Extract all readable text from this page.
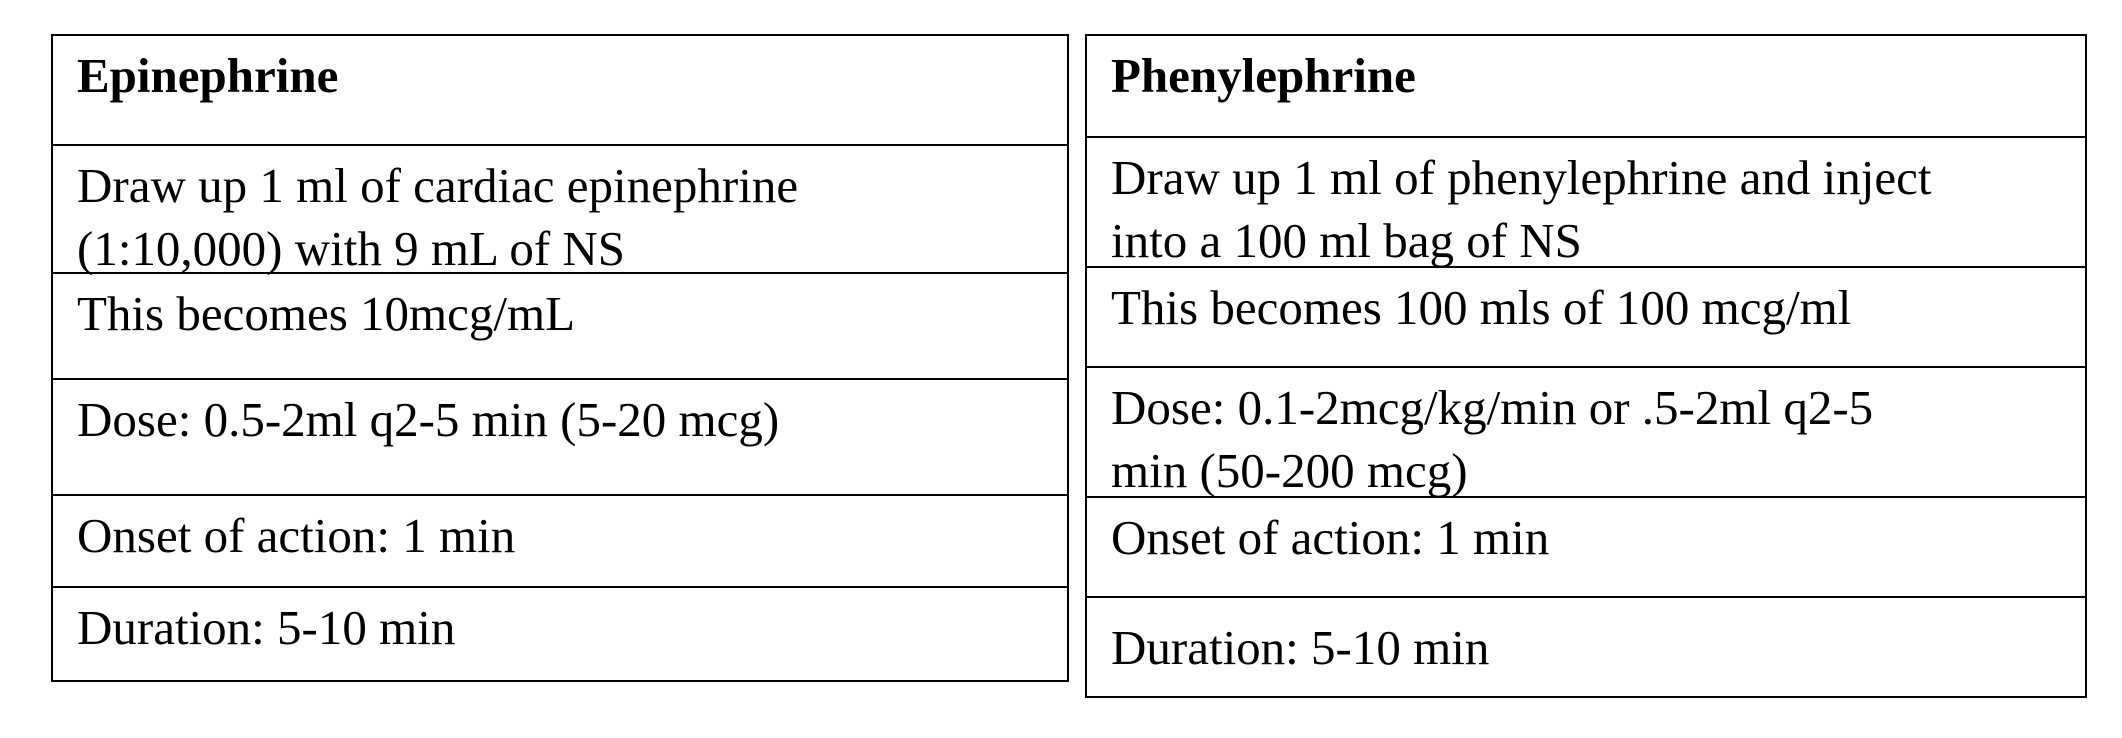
Epinephrine
Draw up 1 ml of cardiac epinephrine
(1:10,000) with 9 mL of NS
This becomes 10mcg/mL
Dose: 0.5-2ml q2-5 min (5-20 mcg)
Onset of action: 1 min
Duration: 5-10 min
Phenylephrine
Draw up 1 ml of phenylephrine and inject
into a 100 ml bag of NS
This becomes 100 mls of 100 mcg/ml
Dose: 0.1-2mcg/kg/min or .5-2ml q2-5
min (50-200 mcg)
Onset of action: 1 min
Duration: 5-10 min
